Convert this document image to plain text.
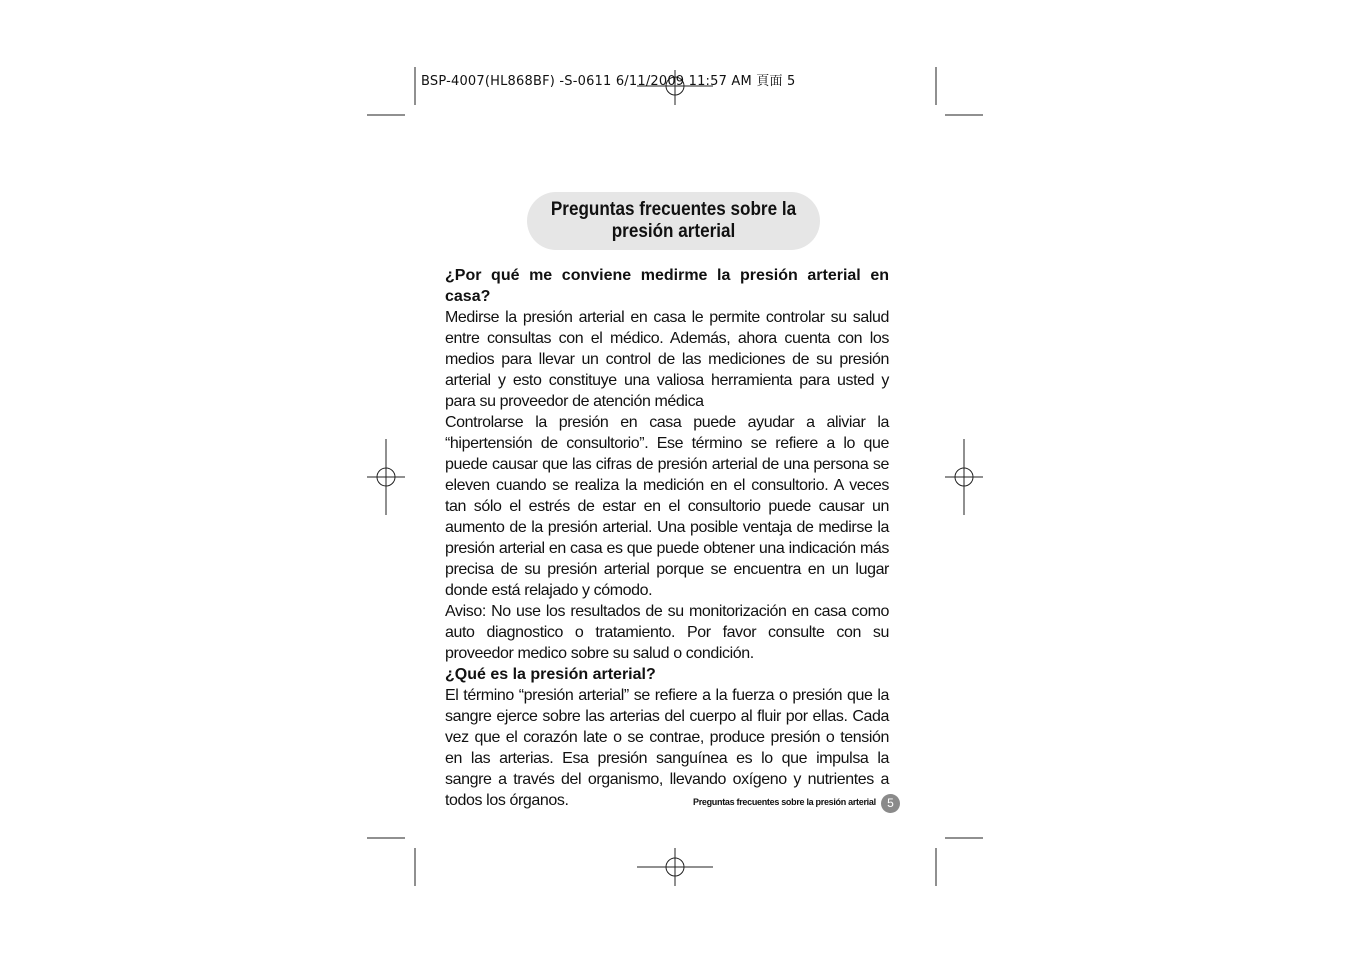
BSP-4007(HL868BF) -S-0611 6/11/2009 11:57 AM 頁面 5
Preguntas frecuentes sobre la
presión arterial
¿Por qué me conviene medirme la presión arterial en casa?

Medirse la presión arterial en casa le permite controlar su salud entre consultas con el médico. Además, ahora cuenta con los medios para llevar un control de las mediciones de su presión arterial y esto constituye una valiosa herramienta para usted y para su proveedor de atención médica

Controlarse la presión en casa puede ayudar a aliviar la “hipertensión de consultorio”. Ese término se refiere a lo que puede causar que las cifras de presión arterial de una persona se eleven cuando se realiza la medición en el consultorio. A veces tan sólo el estrés de estar en el consultorio puede causar un aumento de la presión arterial. Una posible ventaja de medirse la presión arterial en casa es que puede obtener una indicación más precisa de su presión arterial porque se encuentra en un lugar donde está relajado y cómodo.

Aviso: No use los resultados de su monitorización en casa como auto diagnostico o tratamiento. Por favor consulte con su proveedor medico sobre su salud o condición.

¿Qué es la presión arterial?

El término “presión arterial” se refiere a la fuerza o presión que la sangre ejerce sobre las arterias del cuerpo al fluir por ellas. Cada vez que el corazón late o se contrae, produce presión o tensión en las arterias. Esa presión sanguínea es lo que impulsa la sangre a través del organismo, llevando oxígeno y nutrientes a todos los órganos.	Preguntas frecuentes sobre la presión arterial 5
